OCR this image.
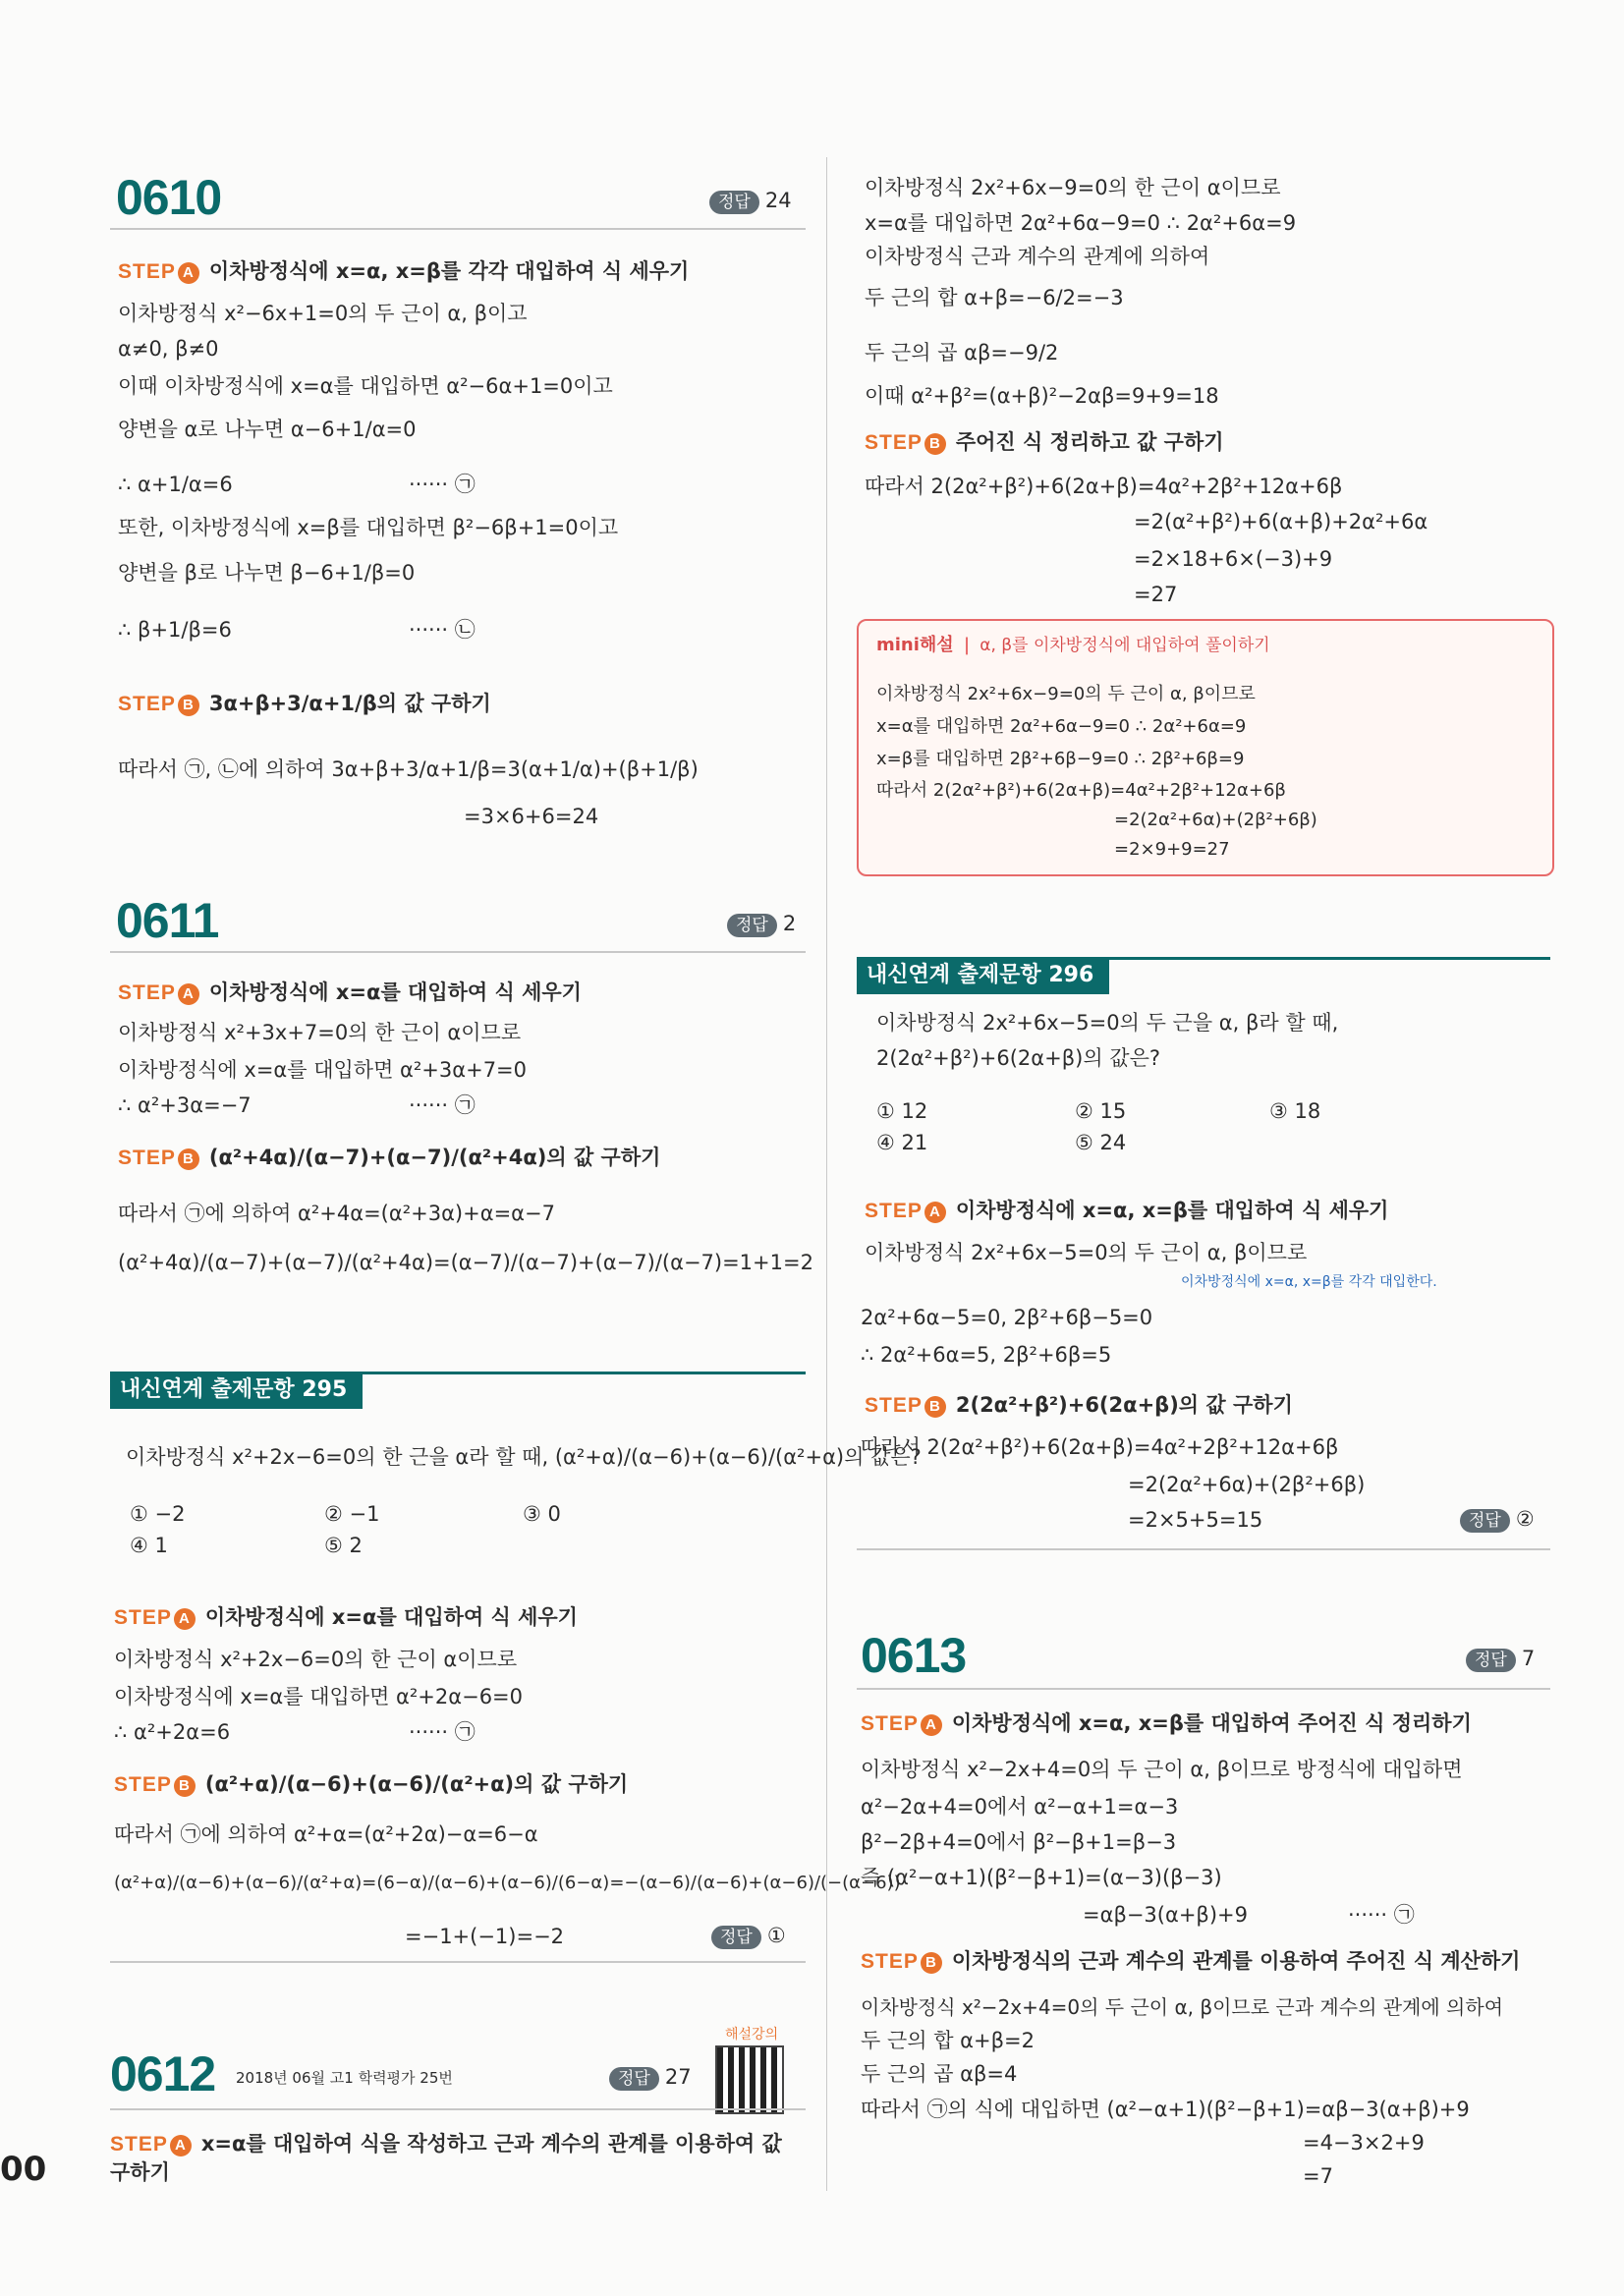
00
0610	정답 24
STEP A 이차방정식에 x=α, x=β를 각각 대입하여 식 세우기
이차방정식 x²−6x+1=0의 두 근이 α, β이고
α≠0, β≠0
이때 이차방정식에 x=α를 대입하면 α²−6α+1=0이고
양변을 α로 나누면 α−6+1/α=0
∴ α+1/α=6	······ ㉠
또한, 이차방정식에 x=β를 대입하면 β²−6β+1=0이고
양변을 β로 나누면 β−6+1/β=0
∴ β+1/β=6	······ ㉡
STEP B 3α+β+3/α+1/β의 값 구하기
따라서 ㉠, ㉡에 의하여 3α+β+3/α+1/β=3(α+1/α)+(β+1/β)
=3×6+6=24
0611	정답 2
STEP A 이차방정식에 x=α를 대입하여 식 세우기
이차방정식 x²+3x+7=0의 한 근이 α이므로
이차방정식에 x=α를 대입하면 α²+3α+7=0
∴ α²+3α=−7	······ ㉠
STEP B (α²+4α)/(α−7)+(α−7)/(α²+4α)의 값 구하기
따라서 ㉠에 의하여 α²+4α=(α²+3α)+α=α−7
(α²+4α)/(α−7)+(α−7)/(α²+4α)=(α−7)/(α−7)+(α−7)/(α−7)=1+1=2
내신연계 출제문항 295
이차방정식 x²+2x−6=0의 한 근을 α라 할 때, (α²+α)/(α−6)+(α−6)/(α²+α)의 값은?
① −2	② −1	③ 0
④ 1	⑤ 2
STEP A 이차방정식에 x=α를 대입하여 식 세우기
이차방정식 x²+2x−6=0의 한 근이 α이므로
이차방정식에 x=α를 대입하면 α²+2α−6=0
∴ α²+2α=6	······ ㉠
STEP B (α²+α)/(α−6)+(α−6)/(α²+α)의 값 구하기
따라서 ㉠에 의하여 α²+α=(α²+2α)−α=6−α
(α²+α)/(α−6)+(α−6)/(α²+α)=(6−α)/(α−6)+(α−6)/(6−α)=−(α−6)/(α−6)+(α−6)/(−(α−6))
=−1+(−1)=−2	정답 ①
0612 2018년 06월 고1 학력평가 25번	정답 27
해설강의
STEP A x=α를 대입하여 식을 작성하고 근과 계수의 관계를 이용하여 값 구하기
이차방정식 2x²+6x−9=0의 한 근이 α이므로
x=α를 대입하면 2α²+6α−9=0 ∴ 2α²+6α=9
이차방정식 근과 계수의 관계에 의하여
두 근의 합 α+β=−6/2=−3
두 근의 곱 αβ=−9/2
이때 α²+β²=(α+β)²−2αβ=9+9=18
STEP B 주어진 식 정리하고 값 구하기
따라서 2(2α²+β²)+6(2α+β)=4α²+2β²+12α+6β
=2(α²+β²)+6(α+β)+2α²+6α
=2×18+6×(−3)+9
=27
mini해설 | α, β를 이차방정식에 대입하여 풀이하기
이차방정식 2x²+6x−9=0의 두 근이 α, β이므로
x=α를 대입하면 2α²+6α−9=0 ∴ 2α²+6α=9
x=β를 대입하면 2β²+6β−9=0 ∴ 2β²+6β=9
따라서 2(2α²+β²)+6(2α+β)=4α²+2β²+12α+6β
=2(2α²+6α)+(2β²+6β)
=2×9+9=27
내신연계 출제문항 296
이차방정식 2x²+6x−5=0의 두 근을 α, β라 할 때,
2(2α²+β²)+6(2α+β)의 값은?
① 12	② 15	③ 18
④ 21	⑤ 24
STEP A 이차방정식에 x=α, x=β를 대입하여 식 세우기
이차방정식 2x²+6x−5=0의 두 근이 α, β이므로
이차방정식에 x=α, x=β를 각각 대입한다.
2α²+6α−5=0, 2β²+6β−5=0
∴ 2α²+6α=5, 2β²+6β=5
STEP B 2(2α²+β²)+6(2α+β)의 값 구하기
따라서 2(2α²+β²)+6(2α+β)=4α²+2β²+12α+6β
=2(2α²+6α)+(2β²+6β)
=2×5+5=15	정답 ②
0613	정답 7
STEP A 이차방정식에 x=α, x=β를 대입하여 주어진 식 정리하기
이차방정식 x²−2x+4=0의 두 근이 α, β이므로 방정식에 대입하면
α²−2α+4=0에서 α²−α+1=α−3
β²−2β+4=0에서 β²−β+1=β−3
즉 (α²−α+1)(β²−β+1)=(α−3)(β−3)
=αβ−3(α+β)+9	······ ㉠
STEP B 이차방정식의 근과 계수의 관계를 이용하여 주어진 식 계산하기
이차방정식 x²−2x+4=0의 두 근이 α, β이므로 근과 계수의 관계에 의하여
두 근의 합 α+β=2
두 근의 곱 αβ=4
따라서 ㉠의 식에 대입하면 (α²−α+1)(β²−β+1)=αβ−3(α+β)+9
=4−3×2+9
=7
